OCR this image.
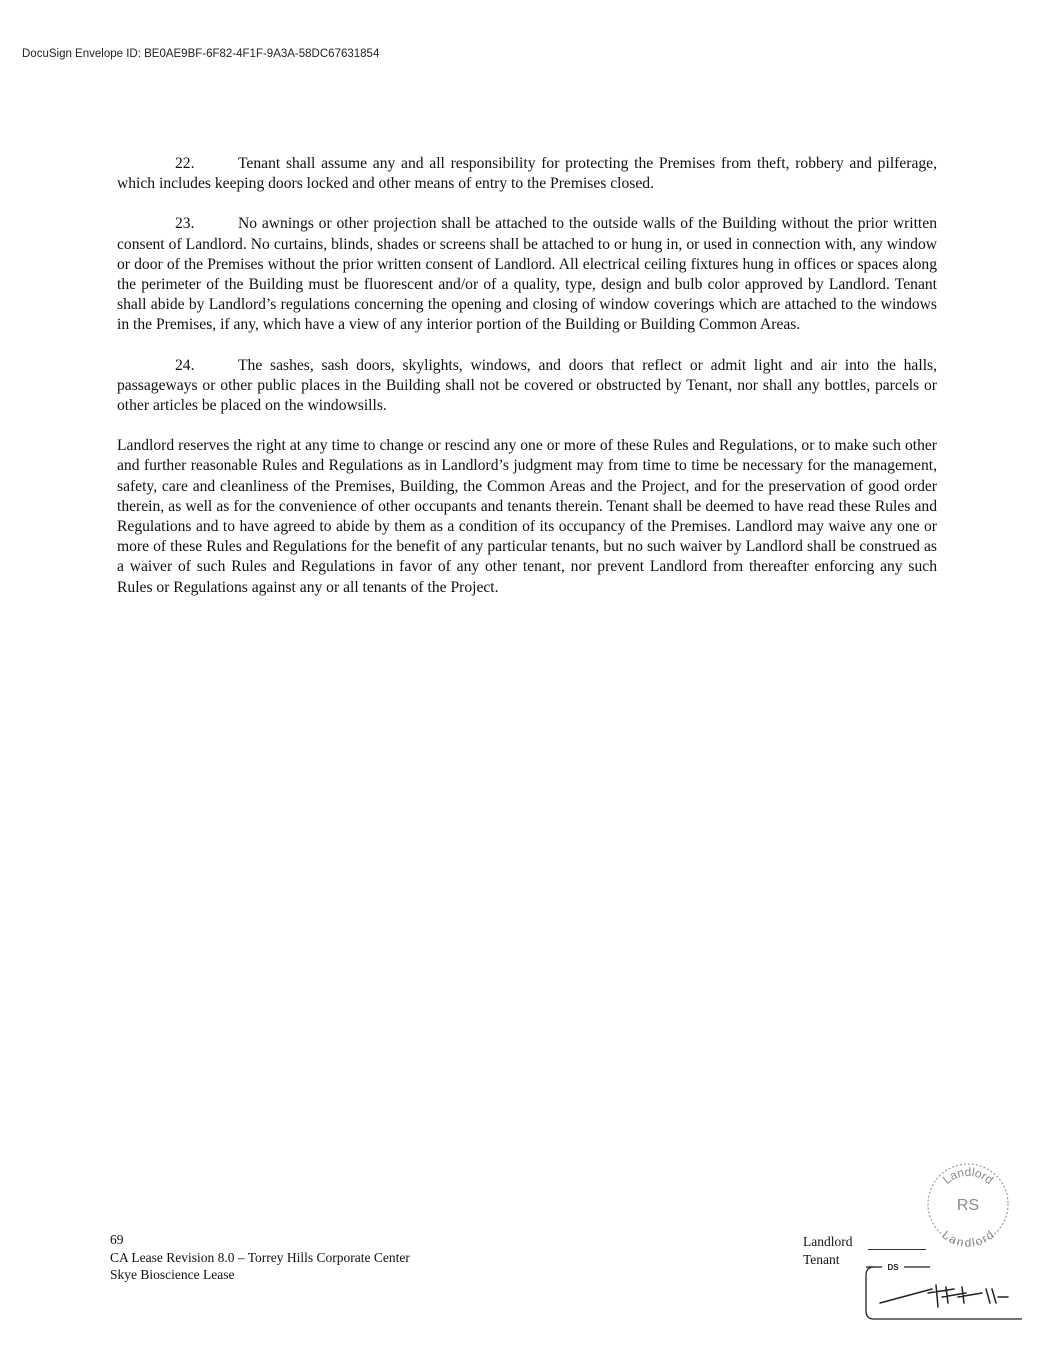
DocuSign Envelope ID: BE0AE9BF-6F82-4F1F-9A3A-58DC67631854

22.	Tenant shall assume any and all responsibility for protecting the Premises from theft, robbery and pilferage, which includes keeping doors locked and other means of entry to the Premises closed.

23.	No awnings or other projection shall be attached to the outside walls of the Building without the prior written consent of Landlord. No curtains, blinds, shades or screens shall be attached to or hung in, or used in connection with, any window or door of the Premises without the prior written consent of Landlord. All electrical ceiling fixtures hung in offices or spaces along the perimeter of the Building must be fluorescent and/or of a quality, type, design and bulb color approved by Landlord. Tenant shall abide by Landlord’s regulations concerning the opening and closing of window coverings which are attached to the windows in the Premises, if any, which have a view of any interior portion of the Building or Building Common Areas.

24.	The sashes, sash doors, skylights, windows, and doors that reflect or admit light and air into the halls, passageways or other public places in the Building shall not be covered or obstructed by Tenant, nor shall any bottles, parcels or other articles be placed on the windowsills.

Landlord reserves the right at any time to change or rescind any one or more of these Rules and Regulations, or to make such other and further reasonable Rules and Regulations as in Landlord’s judgment may from time to time be necessary for the management, safety, care and cleanliness of the Premises, Building, the Common Areas and the Project, and for the preservation of good order therein, as well as for the convenience of other occupants and tenants therein. Tenant shall be deemed to have read these Rules and Regulations and to have agreed to abide by them as a condition of its occupancy of the Premises. Landlord may waive any one or more of these Rules and Regulations for the benefit of any particular tenants, but no such waiver by Landlord shall be construed as a waiver of such Rules and Regulations in favor of any other tenant, nor prevent Landlord from thereafter enforcing any such Rules or Regulations against any or all tenants of the Project.

69
CA Lease Revision 8.0 – Torrey Hills Corporate Center
Skye Bioscience Lease
Landlord
Tenant
Landlord
RS
Landlord
DS
